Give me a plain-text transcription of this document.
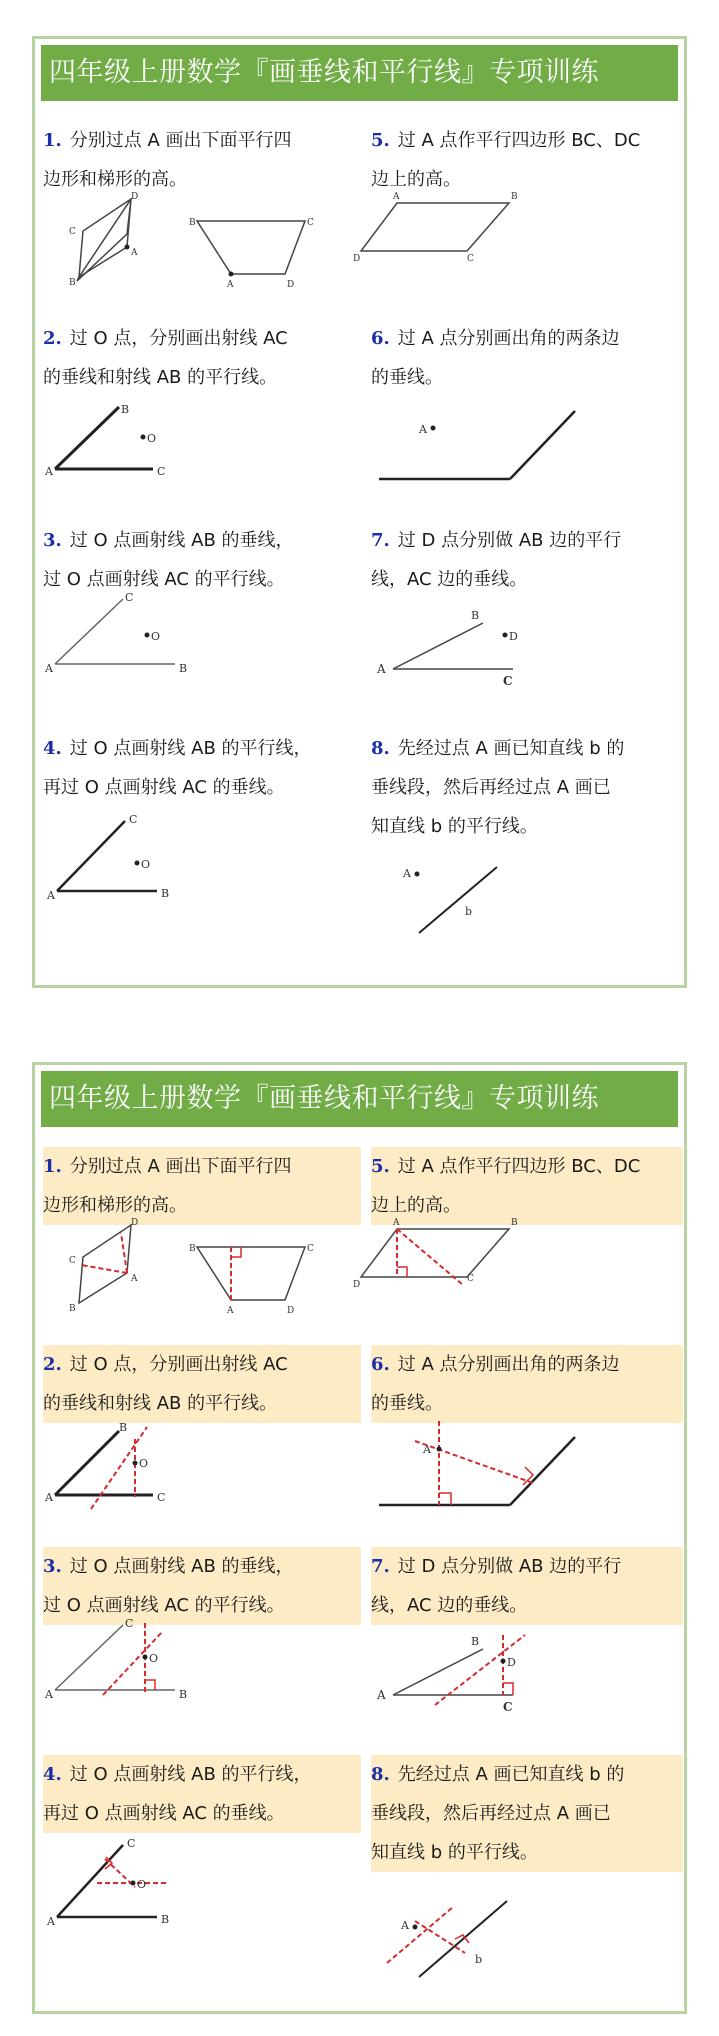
四年级上册数学『画垂线和平行线』专项训练
1. 分别过点 A 画出下面平行四
边形和梯形的高。
D
C
A
B
B	C
A	D
2. 过 O 点，分别画出射线 AC
的垂线和射线 AB 的平行线。
O
B
A	C
3. 过 O 点画射线 AB 的垂线，
过 O 点画射线 AC 的平行线。
O
C
A	B
4. 过 O 点画射线 AB 的平行线，
再过 O 点画射线 AC 的垂线。
O
C
A	B
5. 过 A 点作平行四边形 BC、DC
边上的高。
A	B
D	C
6. 过 A 点分别画出角的两条边
的垂线。
A
7. 过 D 点分别做 AB 边的平行
线，AC 边的垂线。
D
B
A
C
8. 先经过点 A 画已知直线 b 的
垂线段，然后再经过点 A 画已
知直线 b 的平行线。
A
b
四年级上册数学『画垂线和平行线』专项训练
1. 分别过点 A 画出下面平行四
边形和梯形的高。
D
C
A
B
B	C
A	D
2. 过 O 点，分别画出射线 AC
的垂线和射线 AB 的平行线。
O
B
A	C
3. 过 O 点画射线 AB 的垂线，
过 O 点画射线 AC 的平行线。
O
C
A	B
4. 过 O 点画射线 AB 的平行线，
再过 O 点画射线 AC 的垂线。
O
C
A	B
5. 过 A 点作平行四边形 BC、DC
边上的高。
A	B
D
C
6. 过 A 点分别画出角的两条边
的垂线。
A
7. 过 D 点分别做 AB 边的平行
线，AC 边的垂线。
D
B
A
C
8. 先经过点 A 画已知直线 b 的
垂线段，然后再经过点 A 画已
知直线 b 的平行线。
A
b
